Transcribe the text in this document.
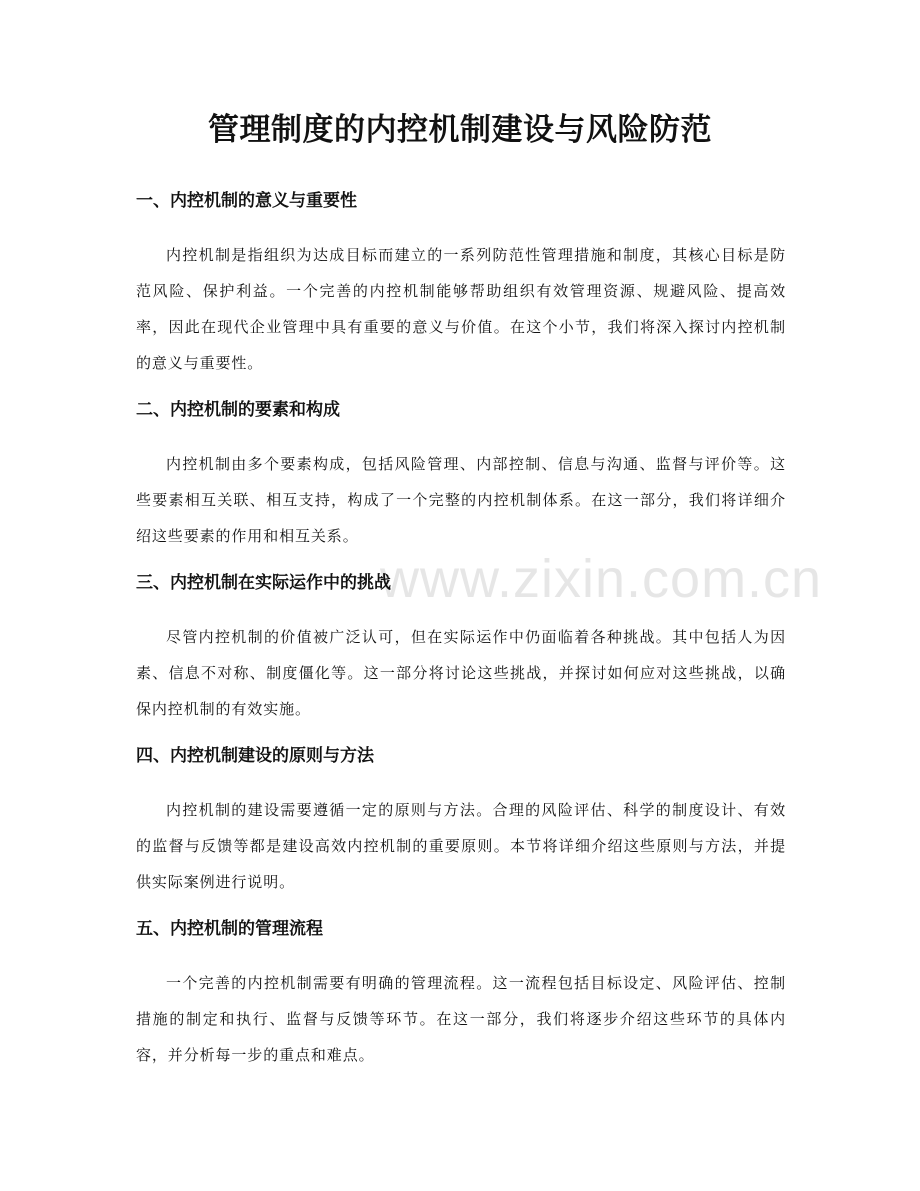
www.zixin.com.cn
管理制度的内控机制建设与风险防范
一、内控机制的意义与重要性

内控机制是指组织为达成目标而建立的一系列防范性管理措施和制度，其核心目标是防范风险、保护利益。一个完善的内控机制能够帮助组织有效管理资源、规避风险、提高效率，因此在现代企业管理中具有重要的意义与价值。在这个小节，我们将深入探讨内控机制的意义与重要性。

二、内控机制的要素和构成

内控机制由多个要素构成，包括风险管理、内部控制、信息与沟通、监督与评价等。这些要素相互关联、相互支持，构成了一个完整的内控机制体系。在这一部分，我们将详细介绍这些要素的作用和相互关系。

三、内控机制在实际运作中的挑战

尽管内控机制的价值被广泛认可，但在实际运作中仍面临着各种挑战。其中包括人为因素、信息不对称、制度僵化等。这一部分将讨论这些挑战，并探讨如何应对这些挑战，以确保内控机制的有效实施。

四、内控机制建设的原则与方法

内控机制的建设需要遵循一定的原则与方法。合理的风险评估、科学的制度设计、有效的监督与反馈等都是建设高效内控机制的重要原则。本节将详细介绍这些原则与方法，并提供实际案例进行说明。

五、内控机制的管理流程

一个完善的内控机制需要有明确的管理流程。这一流程包括目标设定、风险评估、控制措施的制定和执行、监督与反馈等环节。在这一部分，我们将逐步介绍这些环节的具体内容，并分析每一步的重点和难点。
